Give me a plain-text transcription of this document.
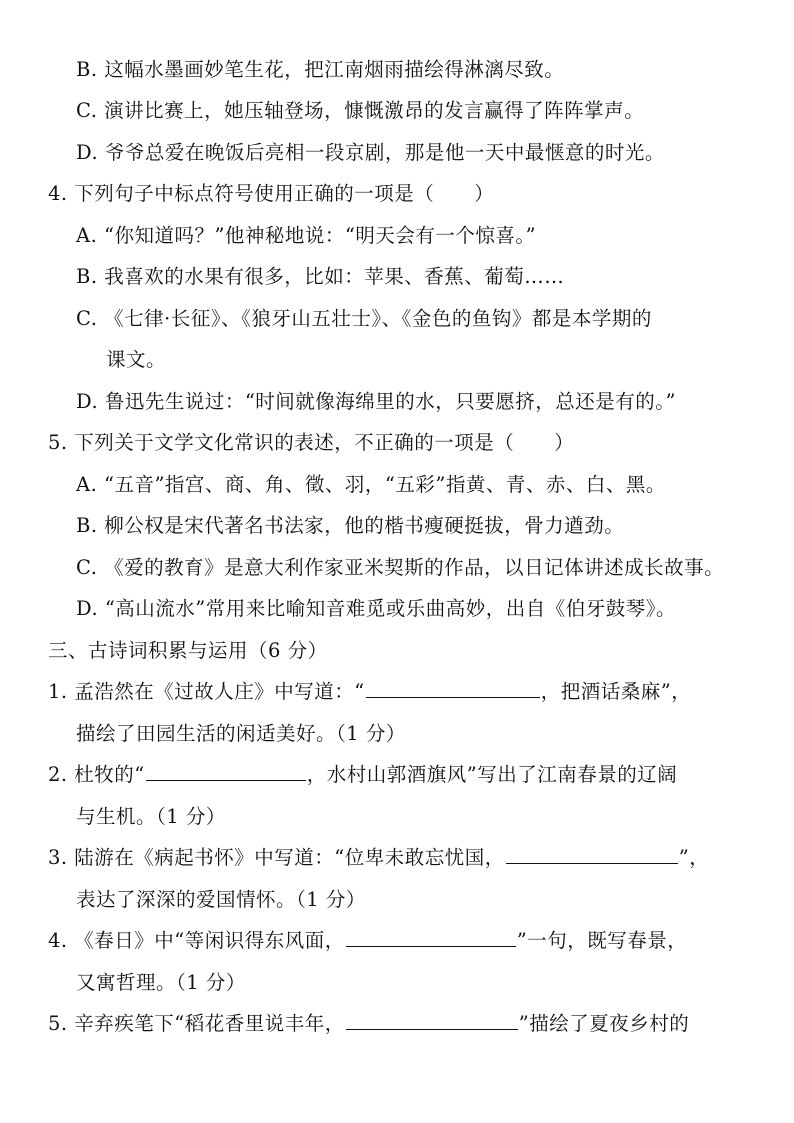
B. 这幅水墨画妙笔生花，把江南烟雨描绘得淋漓尽致。
C. 演讲比赛上，她压轴登场，慷慨激昂的发言赢得了阵阵掌声。
D. 爷爷总爱在晚饭后亮相一段京剧，那是他一天中最惬意的时光。
4. 下列句子中标点符号使用正确的一项是（　　）
A. “你知道吗？”他神秘地说：“明天会有一个惊喜。”
B. 我喜欢的水果有很多，比如：苹果、香蕉、葡萄……
C. 《七律·长征》、《狼牙山五壮士》、《金色的鱼钩》都是本学期的
课文。
D. 鲁迅先生说过：“时间就像海绵里的水，只要愿挤，总还是有的。”
5. 下列关于文学文化常识的表述，不正确的一项是（　　）
A. “五音”指宫、商、角、徵、羽，“五彩”指黄、青、赤、白、黑。
B. 柳公权是宋代著名书法家，他的楷书瘦硬挺拔，骨力遒劲。
C. 《爱的教育》是意大利作家亚米契斯的作品，以日记体讲述成长故事。
D. “高山流水”常用来比喻知音难觅或乐曲高妙，出自《伯牙鼓琴》。
三、古诗词积累与运用（6 分）
1. 孟浩然在《过故人庄》中写道：“	，把酒话桑麻”，
描绘了田园生活的闲适美好。（1 分）
2. 杜牧的“	，水村山郭酒旗风”写出了江南春景的辽阔
与生机。（1 分）
3. 陆游在《病起书怀》中写道：“位卑未敢忘忧国，	”，
表达了深深的爱国情怀。（1 分）
4. 《春日》中“等闲识得东风面，	”一句，既写春景，
又寓哲理。（1 分）
5. 辛弃疾笔下“稻花香里说丰年，	”描绘了夏夜乡村的
